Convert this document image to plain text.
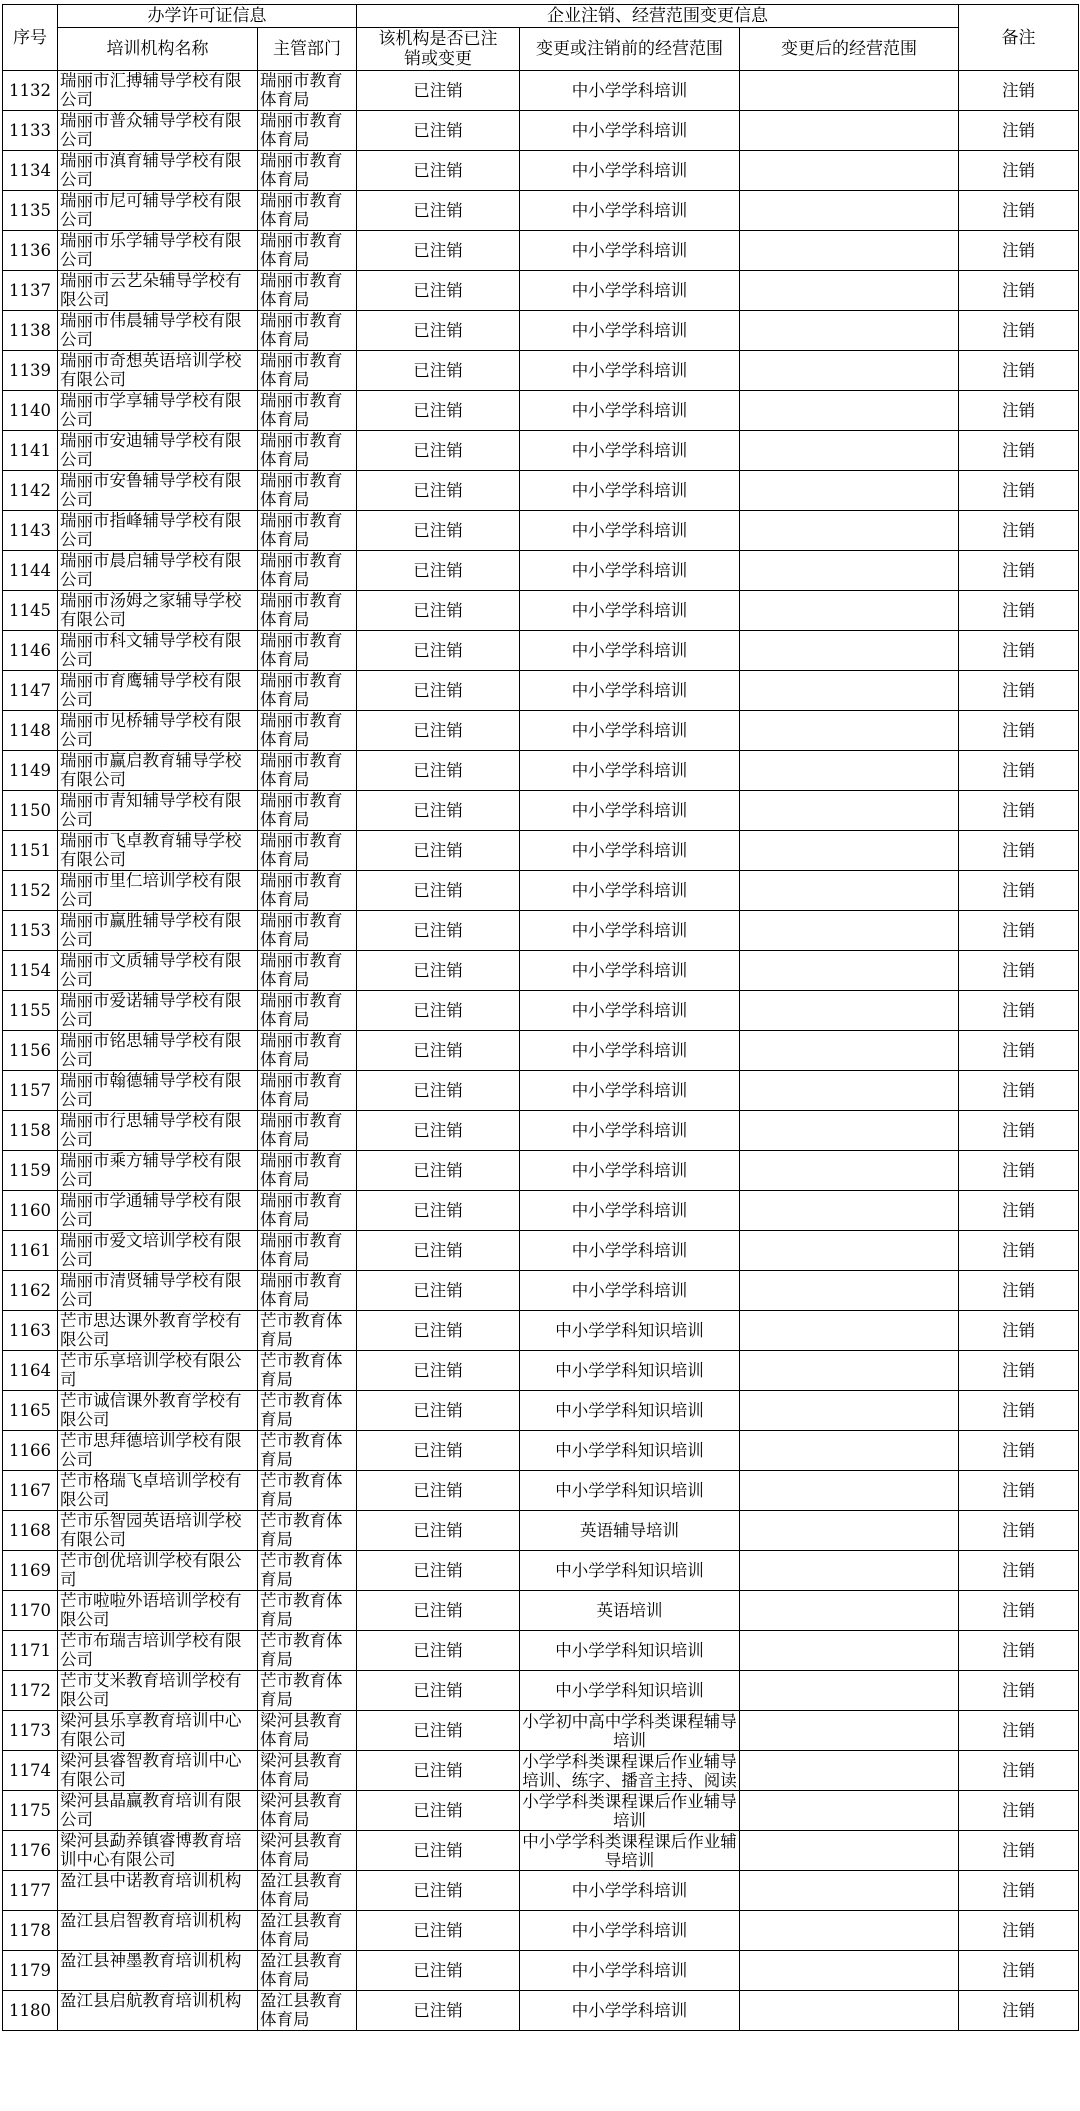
序号	办学许可证信息		企业注销、经营范围变更信息			备注
	培训机构名称	主管部门	该机构是否已注销或变更	变更或注销前的经营范围	变更后的经营范围	
1132	瑞丽市汇搏辅导学校有限公司	瑞丽市教育体育局	已注销	中小学学科培训		注销
1133	瑞丽市普众辅导学校有限公司	瑞丽市教育体育局	已注销	中小学学科培训		注销
1134	瑞丽市滇育辅导学校有限公司	瑞丽市教育体育局	已注销	中小学学科培训		注销
1135	瑞丽市尼可辅导学校有限公司	瑞丽市教育体育局	已注销	中小学学科培训		注销
1136	瑞丽市乐学辅导学校有限公司	瑞丽市教育体育局	已注销	中小学学科培训		注销
1137	瑞丽市云艺朵辅导学校有限公司	瑞丽市教育体育局	已注销	中小学学科培训		注销
1138	瑞丽市伟晨辅导学校有限公司	瑞丽市教育体育局	已注销	中小学学科培训		注销
1139	瑞丽市奇想英语培训学校有限公司	瑞丽市教育体育局	已注销	中小学学科培训		注销
1140	瑞丽市学享辅导学校有限公司	瑞丽市教育体育局	已注销	中小学学科培训		注销
1141	瑞丽市安迪辅导学校有限公司	瑞丽市教育体育局	已注销	中小学学科培训		注销
1142	瑞丽市安鲁辅导学校有限公司	瑞丽市教育体育局	已注销	中小学学科培训		注销
1143	瑞丽市指峰辅导学校有限公司	瑞丽市教育体育局	已注销	中小学学科培训		注销
1144	瑞丽市晨启辅导学校有限公司	瑞丽市教育体育局	已注销	中小学学科培训		注销
1145	瑞丽市汤姆之家辅导学校有限公司	瑞丽市教育体育局	已注销	中小学学科培训		注销
1146	瑞丽市科文辅导学校有限公司	瑞丽市教育体育局	已注销	中小学学科培训		注销
1147	瑞丽市育鹰辅导学校有限公司	瑞丽市教育体育局	已注销	中小学学科培训		注销
1148	瑞丽市见桥辅导学校有限公司	瑞丽市教育体育局	已注销	中小学学科培训		注销
1149	瑞丽市赢启教育辅导学校有限公司	瑞丽市教育体育局	已注销	中小学学科培训		注销
1150	瑞丽市青知辅导学校有限公司	瑞丽市教育体育局	已注销	中小学学科培训		注销
1151	瑞丽市飞卓教育辅导学校有限公司	瑞丽市教育体育局	已注销	中小学学科培训		注销
1152	瑞丽市里仁培训学校有限公司	瑞丽市教育体育局	已注销	中小学学科培训		注销
1153	瑞丽市赢胜辅导学校有限公司	瑞丽市教育体育局	已注销	中小学学科培训		注销
1154	瑞丽市文质辅导学校有限公司	瑞丽市教育体育局	已注销	中小学学科培训		注销
1155	瑞丽市爱诺辅导学校有限公司	瑞丽市教育体育局	已注销	中小学学科培训		注销
1156	瑞丽市铭思辅导学校有限公司	瑞丽市教育体育局	已注销	中小学学科培训		注销
1157	瑞丽市翰德辅导学校有限公司	瑞丽市教育体育局	已注销	中小学学科培训		注销
1158	瑞丽市行思辅导学校有限公司	瑞丽市教育体育局	已注销	中小学学科培训		注销
1159	瑞丽市乘方辅导学校有限公司	瑞丽市教育体育局	已注销	中小学学科培训		注销
1160	瑞丽市学通辅导学校有限公司	瑞丽市教育体育局	已注销	中小学学科培训		注销
1161	瑞丽市爱文培训学校有限公司	瑞丽市教育体育局	已注销	中小学学科培训		注销
1162	瑞丽市清贤辅导学校有限公司	瑞丽市教育体育局	已注销	中小学学科培训		注销
1163	芒市思达课外教育学校有限公司	芒市教育体育局	已注销	中小学学科知识培训		注销
1164	芒市乐享培训学校有限公司	芒市教育体育局	已注销	中小学学科知识培训		注销
1165	芒市诚信课外教育学校有限公司	芒市教育体育局	已注销	中小学学科知识培训		注销
1166	芒市思拜德培训学校有限公司	芒市教育体育局	已注销	中小学学科知识培训		注销
1167	芒市格瑞飞卓培训学校有限公司	芒市教育体育局	已注销	中小学学科知识培训		注销
1168	芒市乐智园英语培训学校有限公司	芒市教育体育局	已注销	英语辅导培训		注销
1169	芒市创优培训学校有限公司	芒市教育体育局	已注销	中小学学科知识培训		注销
1170	芒市啦啦外语培训学校有限公司	芒市教育体育局	已注销	英语培训		注销
1171	芒市布瑞吉培训学校有限公司	芒市教育体育局	已注销	中小学学科知识培训		注销
1172	芒市艾米教育培训学校有限公司	芒市教育体育局	已注销	中小学学科知识培训		注销
1173	梁河县乐享教育培训中心有限公司	梁河县教育体育局	已注销	小学初中高中学科类课程辅导培训		注销
1174	梁河县睿智教育培训中心有限公司	梁河县教育体育局	已注销	小学学科类课程课后作业辅导培训、练字、播音主持、阅读		注销
1175	梁河县晶赢教育培训有限公司	梁河县教育体育局	已注销	小学学科类课程课后作业辅导培训		注销
1176	梁河县勐养镇睿博教育培训中心有限公司	梁河县教育体育局	已注销	中小学学科类课程课后作业辅导培训		注销
1177	盈江县中诺教育培训机构	盈江县教育体育局	已注销	中小学学科培训		注销
1178	盈江县启智教育培训机构	盈江县教育体育局	已注销	中小学学科培训		注销
1179	盈江县神墨教育培训机构	盈江县教育体育局	已注销	中小学学科培训		注销
1180	盈江县启航教育培训机构	盈江县教育体育局	已注销	中小学学科培训		注销
